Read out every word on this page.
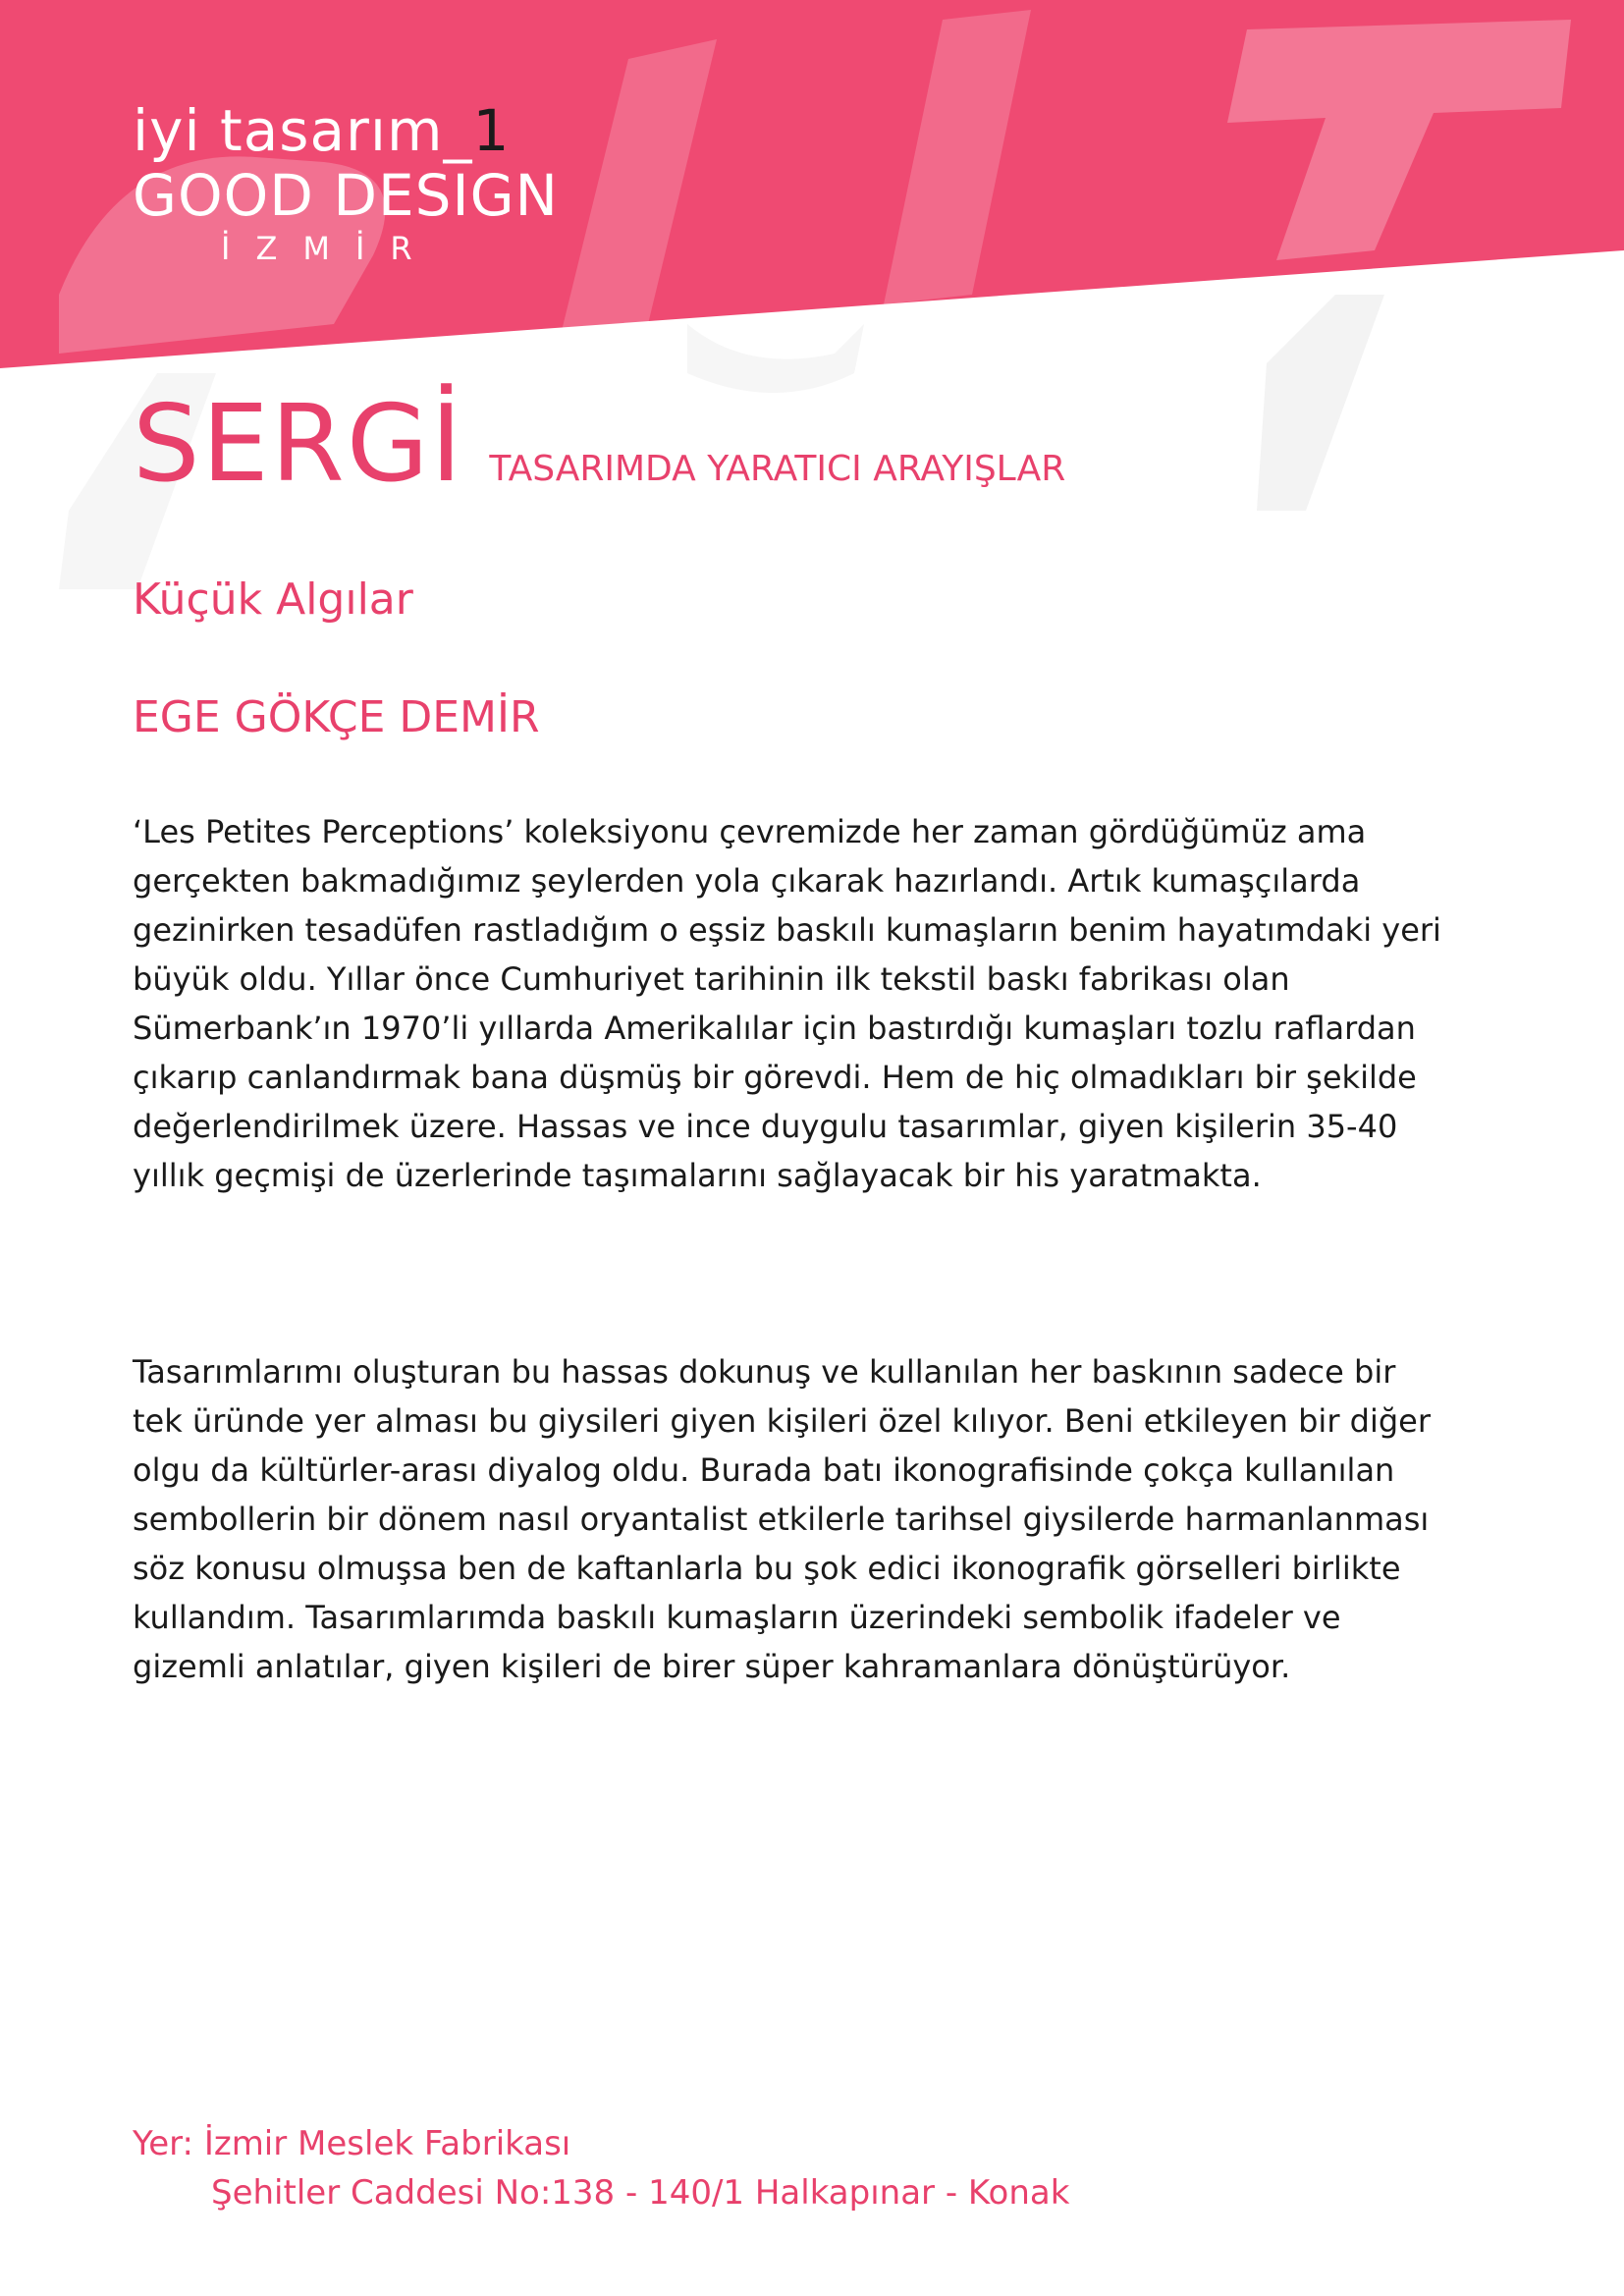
iyi tasarım_1
GOOD DESIGN
İZMİR
SERGİ TASARIMDA YARATICI ARAYIŞLAR
Küçük Algılar
EGE GÖKÇE DEMİR

‘Les Petites Perceptions’ koleksiyonu çevremizde her zaman gördüğümüz ama gerçekten bakmadığımız şeylerden yola çıkarak hazırlandı. Artık kumaşçılarda gezinirken tesadüfen rastladığım o eşsiz baskılı kumaşların benim hayatımdaki yeri büyük oldu. Yıllar önce Cumhuriyet tarihinin ilk tekstil baskı fabrikası olan Sümerbank’ın 1970’li yıllarda Amerikalılar için bastırdığı kumaşları tozlu raflardan çıkarıp canlandırmak bana düşmüş bir görevdi. Hem de hiç olmadıkları bir şekilde değerlendirilmek üzere. Hassas ve ince duygulu tasarımlar, giyen kişilerin 35-40 yıllık geçmişi de üzerlerinde taşımalarını sağlayacak bir his yaratmakta.

Tasarımlarımı oluşturan bu hassas dokunuş ve kullanılan her baskının sadece bir tek üründe yer alması bu giysileri giyen kişileri özel kılıyor. Beni etkileyen bir diğer olgu da kültürler-arası diyalog oldu. Burada batı ikonografisinde çokça kullanılan sembollerin bir dönem nasıl oryantalist etkilerle tarihsel giysilerde harmanlanması söz konusu olmuşsa ben de kaftanlarla bu şok edici ikonografik görselleri birlikte kullandım. Tasarımlarımda baskılı kumaşların üzerindeki sembolik ifadeler ve gizemli anlatılar, giyen kişileri de birer süper kahramanlara dönüştürüyor.

Yer: İzmir Meslek Fabrikası
Şehitler Caddesi No:138 - 140/1 Halkapınar - Konak
